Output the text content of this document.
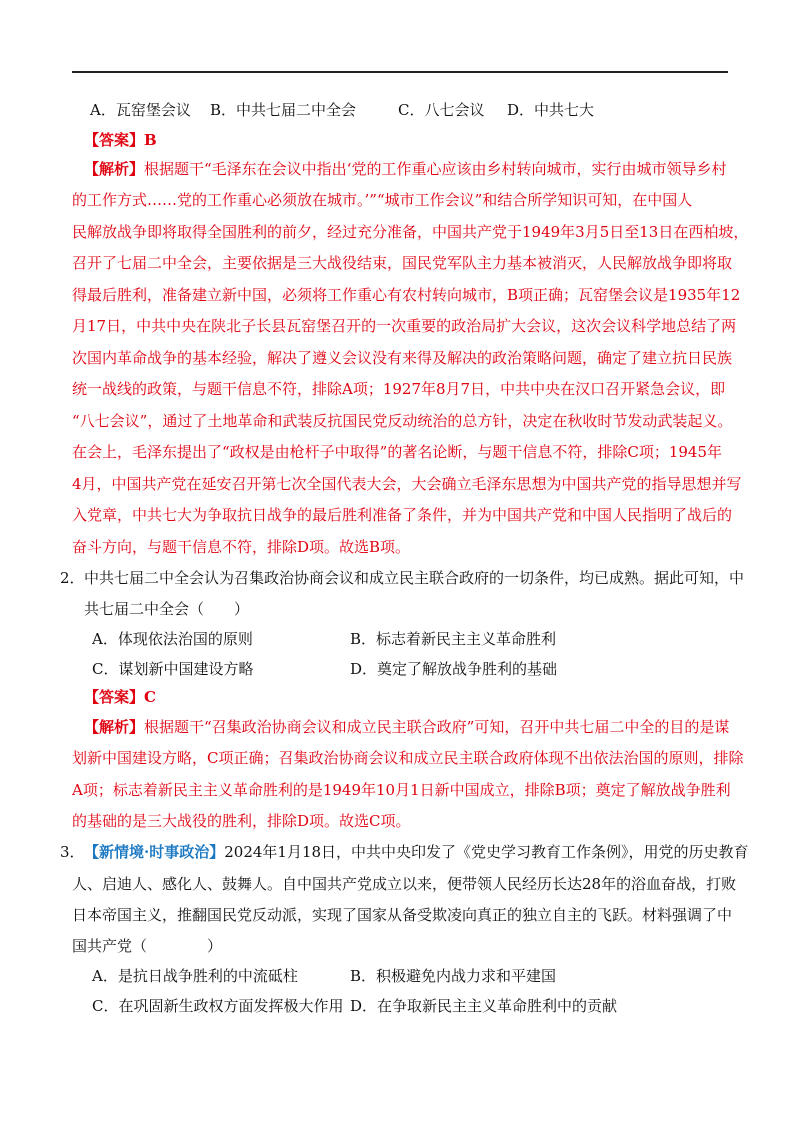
A．瓦窑堡会议 B．中共七届二中全会	C．八七会议 D．中共七大
【答案】B
【解析】根据题干“毛泽东在会议中指出‘党的工作重心应该由乡村转向城市，实行由城市领导乡村
的工作方式……党的工作重心必须放在城市。’”“城市工作会议”和结合所学知识可知，在中国人
民解放战争即将取得全国胜利的前夕，经过充分准备，中国共产党于1949年3月5日至13日在西柏坡，
召开了七届二中全会，主要依据是三大战役结束，国民党军队主力基本被消灭，人民解放战争即将取
得最后胜利，准备建立新中国，必须将工作重心有农村转向城市，B项正确；瓦窑堡会议是1935年12
月17日，中共中央在陕北子长县瓦窑堡召开的一次重要的政治局扩大会议，这次会议科学地总结了两
次国内革命战争的基本经验，解决了遵义会议没有来得及解决的政治策略问题，确定了建立抗日民族
统一战线的政策，与题干信息不符，排除A项；1927年8月7日，中共中央在汉口召开紧急会议，即
“八七会议”，通过了土地革命和武装反抗国民党反动统治的总方针，决定在秋收时节发动武装起义。
在会上，毛泽东提出了“政权是由枪杆子中取得”的著名论断，与题干信息不符，排除C项；1945年
4月，中国共产党在延安召开第七次全国代表大会，大会确立毛泽东思想为中国共产党的指导思想并写
入党章，中共七大为争取抗日战争的最后胜利准备了条件，并为中国共产党和中国人民指明了战后的
奋斗方向，与题干信息不符，排除D项。故选B项。
2． 中共七届二中全会认为召集政治协商会议和成立民主联合政府的一切条件，均已成熟。据此可知，中
共七届二中全会（　　）
A．体现依法治国的原则	B．标志着新民主主义革命胜利
C．谋划新中国建设方略	D．奠定了解放战争胜利的基础
【答案】C
【解析】根据题干“召集政治协商会议和成立民主联合政府”可知，召开中共七届二中全的目的是谋
划新中国建设方略，C项正确；召集政治协商会议和成立民主联合政府体现不出依法治国的原则，排除
A项；标志着新民主主义革命胜利的是1949年10月1日新中国成立，排除B项；奠定了解放战争胜利
的基础的是三大战役的胜利，排除D项。故选C项。
3． 【新情境·时事政治】2024年1月18日，中共中央印发了《党史学习教育工作条例》，用党的历史教育
人、启迪人、感化人、鼓舞人。自中国共产党成立以来，便带领人民经历长达28年的浴血奋战，打败
日本帝国主义，推翻国民党反动派，实现了国家从备受欺凌向真正的独立自主的飞跃。材料强调了中
国共产党（　　　　）
A．是抗日战争胜利的中流砥柱	B．积极避免内战力求和平建国
C．在巩固新生政权方面发挥极大作用 D．在争取新民主主义革命胜利中的贡献
